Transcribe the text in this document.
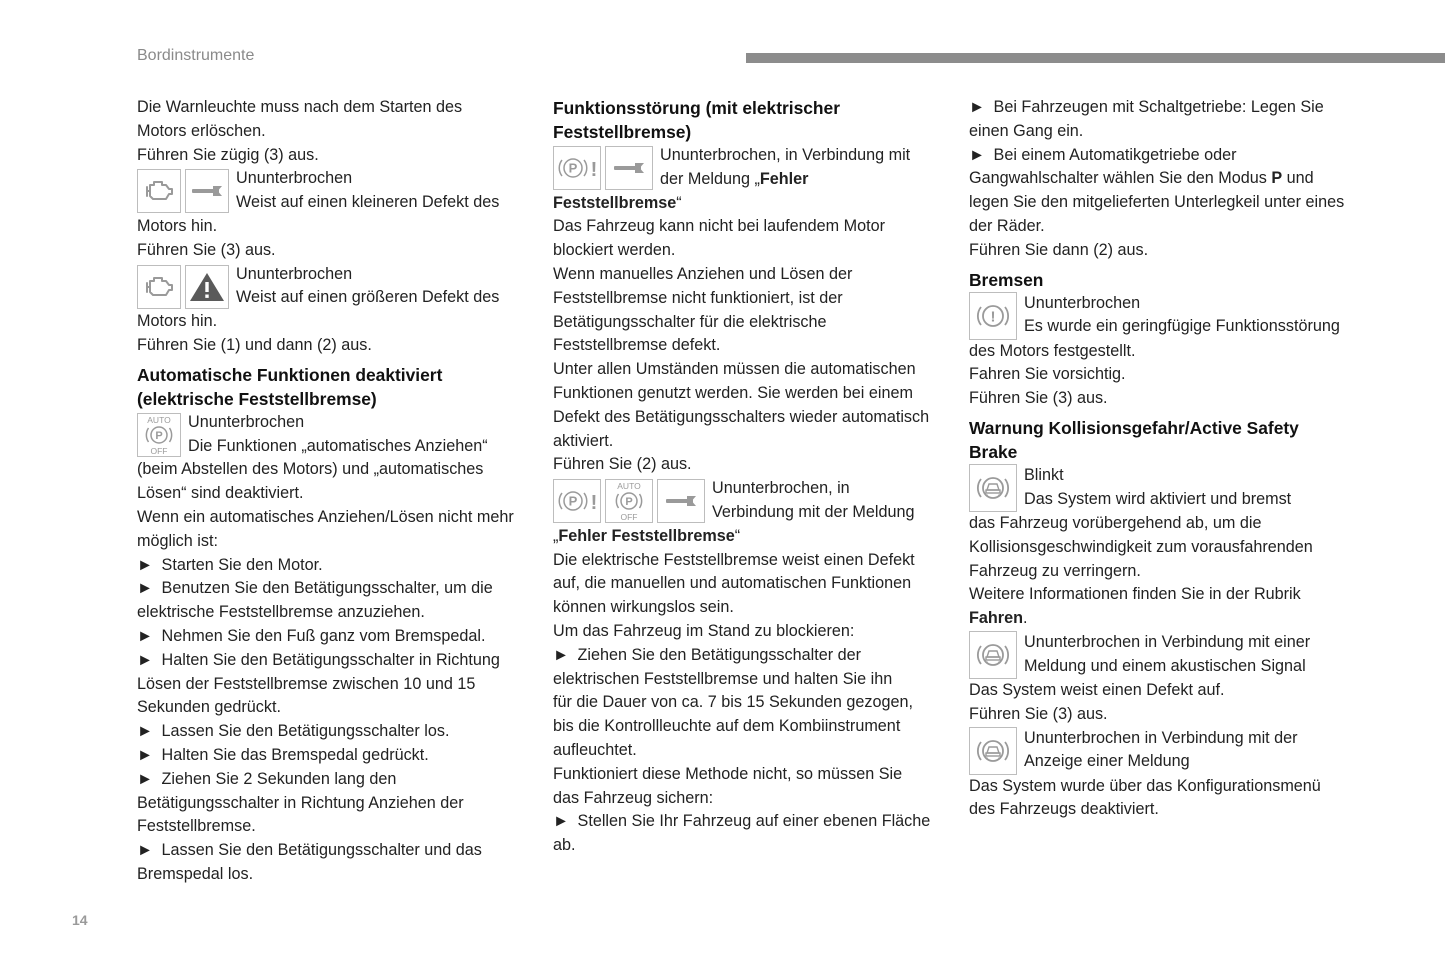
Bordinstrumente
14

Die Warnleuchte muss nach dem Starten des

Motors erlöschen.

Führen Sie zügig (3) aus.

Ununterbrochen

Weist auf einen kleineren Defekt des

Motors hin.

Führen Sie (3) aus.

Ununterbrochen

Weist auf einen größeren Defekt des

Motors hin.

Führen Sie (1) und dann (2) aus.

Automatische Funktionen deaktiviert
(elektrische Feststellbremse)
AUTO
P
OFF

Ununterbrochen

Die Funktionen „automatisches Anziehen“

(beim Abstellen des Motors) und „automatisches

Lösen“ sind deaktiviert.

Wenn ein automatisches Anziehen/Lösen nicht mehr

möglich ist:

► Starten Sie den Motor.

► Benutzen Sie den Betätigungsschalter, um die

elektrische Feststellbremse anzuziehen.

► Nehmen Sie den Fuß ganz vom Bremspedal.

► Halten Sie den Betätigungsschalter in Richtung

Lösen der Feststellbremse zwischen 10 und 15

Sekunden gedrückt.

► Lassen Sie den Betätigungsschalter los.

► Halten Sie das Bremspedal gedrückt.

► Ziehen Sie 2 Sekunden lang den

Betätigungsschalter in Richtung Anziehen der

Feststellbremse.

► Lassen Sie den Betätigungsschalter und das

Bremspedal los.

Funktionsstörung (mit elektrischer
Feststellbremse)
P !

Ununterbrochen, in Verbindung mit

der Meldung „Fehler

Feststellbremse“

Das Fahrzeug kann nicht bei laufendem Motor

blockiert werden.

Wenn manuelles Anziehen und Lösen der

Feststellbremse nicht funktioniert, ist der

Betätigungsschalter für die elektrische

Feststellbremse defekt.

Unter allen Umständen müssen die automatischen

Funktionen genutzt werden. Sie werden bei einem

Defekt des Betätigungsschalters wieder automatisch

aktiviert.

Führen Sie (2) aus.

P !
AUTO
P
OFF

Ununterbrochen, in

Verbindung mit der Meldung

„Fehler Feststellbremse“

Die elektrische Feststellbremse weist einen Defekt

auf, die manuellen und automatischen Funktionen

können wirkungslos sein.

Um das Fahrzeug im Stand zu blockieren:

► Ziehen Sie den Betätigungsschalter der

elektrischen Feststellbremse und halten Sie ihn

für die Dauer von ca. 7 bis 15 Sekunden gezogen,

bis die Kontrollleuchte auf dem Kombiinstrument

aufleuchtet.

Funktioniert diese Methode nicht, so müssen Sie

das Fahrzeug sichern:

► Stellen Sie Ihr Fahrzeug auf einer ebenen Fläche

ab.

► Bei Fahrzeugen mit Schaltgetriebe: Legen Sie

einen Gang ein.

► Bei einem Automatikgetriebe oder

Gangwahlschalter wählen Sie den Modus P und

legen Sie den mitgelieferten Unterlegkeil unter eines

der Räder.

Führen Sie dann (2) aus.

Bremsen
!

Ununterbrochen

Es wurde ein geringfügige Funktionsstörung

des Motors festgestellt.

Fahren Sie vorsichtig.

Führen Sie (3) aus.

Warnung Kollisionsgefahr/Active Safety
Brake

Blinkt

Das System wird aktiviert und bremst

das Fahrzeug vorübergehend ab, um die

Kollisionsgeschwindigkeit zum vorausfahrenden

Fahrzeug zu verringern.

Weitere Informationen finden Sie in der Rubrik

Fahren.

Ununterbrochen in Verbindung mit einer

Meldung und einem akustischen Signal

Das System weist einen Defekt auf.

Führen Sie (3) aus.

Ununterbrochen in Verbindung mit der

Anzeige einer Meldung

Das System wurde über das Konfigurationsmenü

des Fahrzeugs deaktiviert.
